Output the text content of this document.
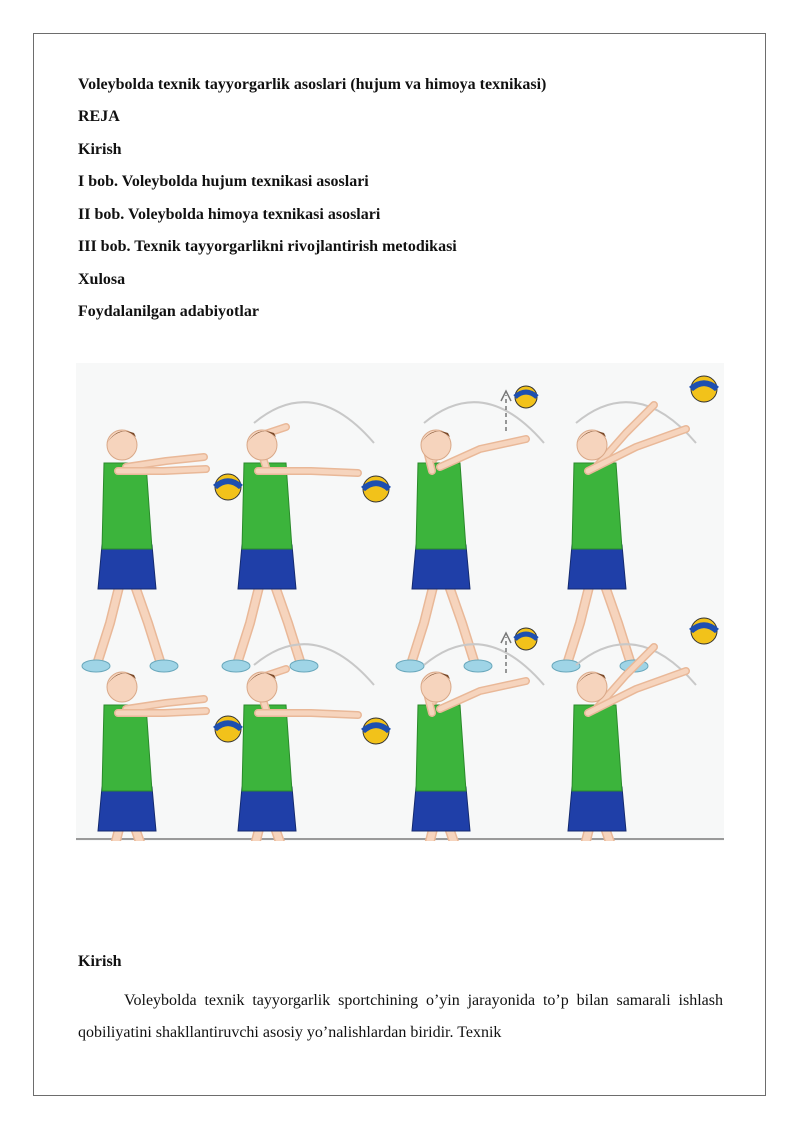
Voleybolda texnik tayyorgarlik asoslari (hujum va himoya texnikasi)
REJA
Kirish
I bob. Voleybolda hujum texnikasi asoslari
II bob. Voleybolda himoya texnikasi asoslari
III bob. Texnik tayyorgarlikni rivojlantirish metodikasi
Xulosa
Foydalanilgan adabiyotlar
Kirish

Voleybolda texnik tayyorgarlik sportchining o’yin jarayonida to’p bilan samarali ishlash qobiliyatini shakllantiruvchi asosiy yo’nalishlardan biridir. Texnik
